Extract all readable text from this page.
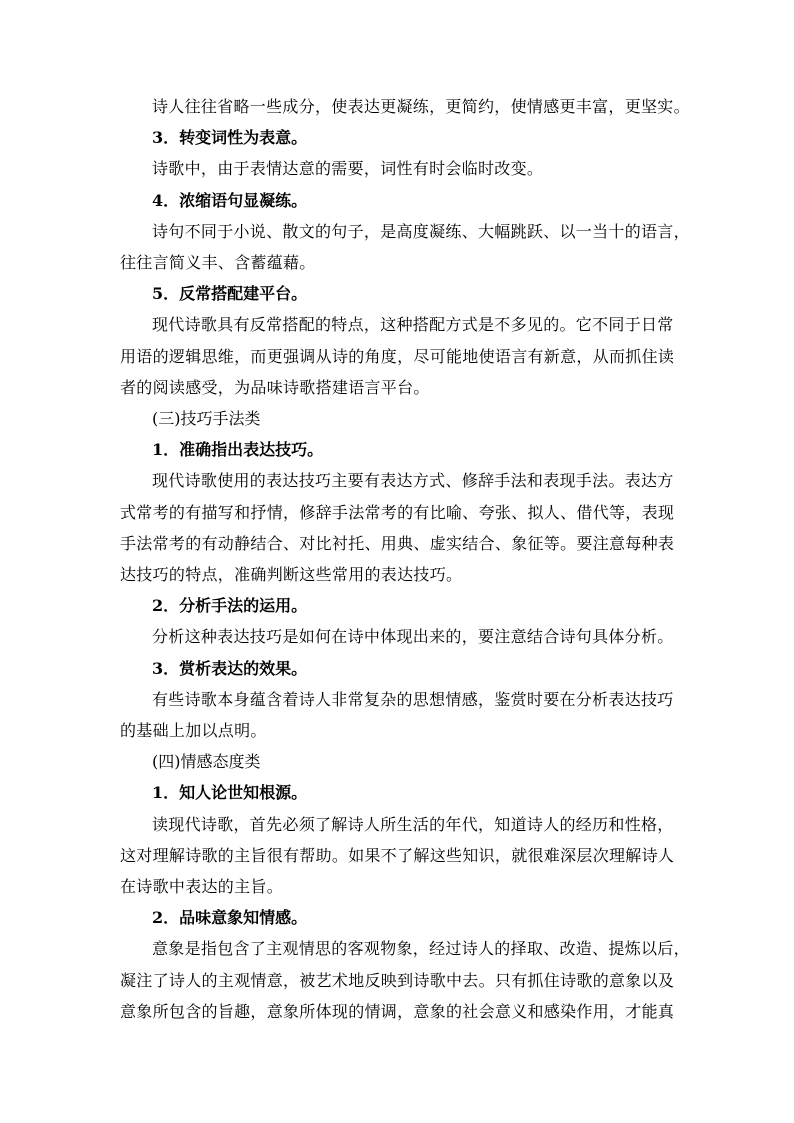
诗人往往省略一些成分，使表达更凝练，更简约，使情感更丰富，更坚实。
3．转变词性为表意。
诗歌中，由于表情达意的需要，词性有时会临时改变。
4．浓缩语句显凝练。
诗句不同于小说、散文的句子，是高度凝练、大幅跳跃、以一当十的语言，
往往言简义丰、含蓄蕴藉。
5．反常搭配建平台。
现代诗歌具有反常搭配的特点，这种搭配方式是不多见的。它不同于日常
用语的逻辑思维，而更强调从诗的角度，尽可能地使语言有新意，从而抓住读
者的阅读感受，为品味诗歌搭建语言平台。
(三)技巧手法类
1．准确指出表达技巧。
现代诗歌使用的表达技巧主要有表达方式、修辞手法和表现手法。表达方
式常考的有描写和抒情，修辞手法常考的有比喻、夸张、拟人、借代等，表现
手法常考的有动静结合、对比衬托、用典、虚实结合、象征等。要注意每种表
达技巧的特点，准确判断这些常用的表达技巧。
2．分析手法的运用。
分析这种表达技巧是如何在诗中体现出来的，要注意结合诗句具体分析。
3．赏析表达的效果。
有些诗歌本身蕴含着诗人非常复杂的思想情感，鉴赏时要在分析表达技巧
的基础上加以点明。
(四)情感态度类
1．知人论世知根源。
读现代诗歌，首先必须了解诗人所生活的年代，知道诗人的经历和性格，
这对理解诗歌的主旨很有帮助。如果不了解这些知识，就很难深层次理解诗人
在诗歌中表达的主旨。
2．品味意象知情感。
意象是指包含了主观情思的客观物象，经过诗人的择取、改造、提炼以后，
凝注了诗人的主观情意，被艺术地反映到诗歌中去。只有抓住诗歌的意象以及
意象所包含的旨趣，意象所体现的情调，意象的社会意义和感染作用，才能真
